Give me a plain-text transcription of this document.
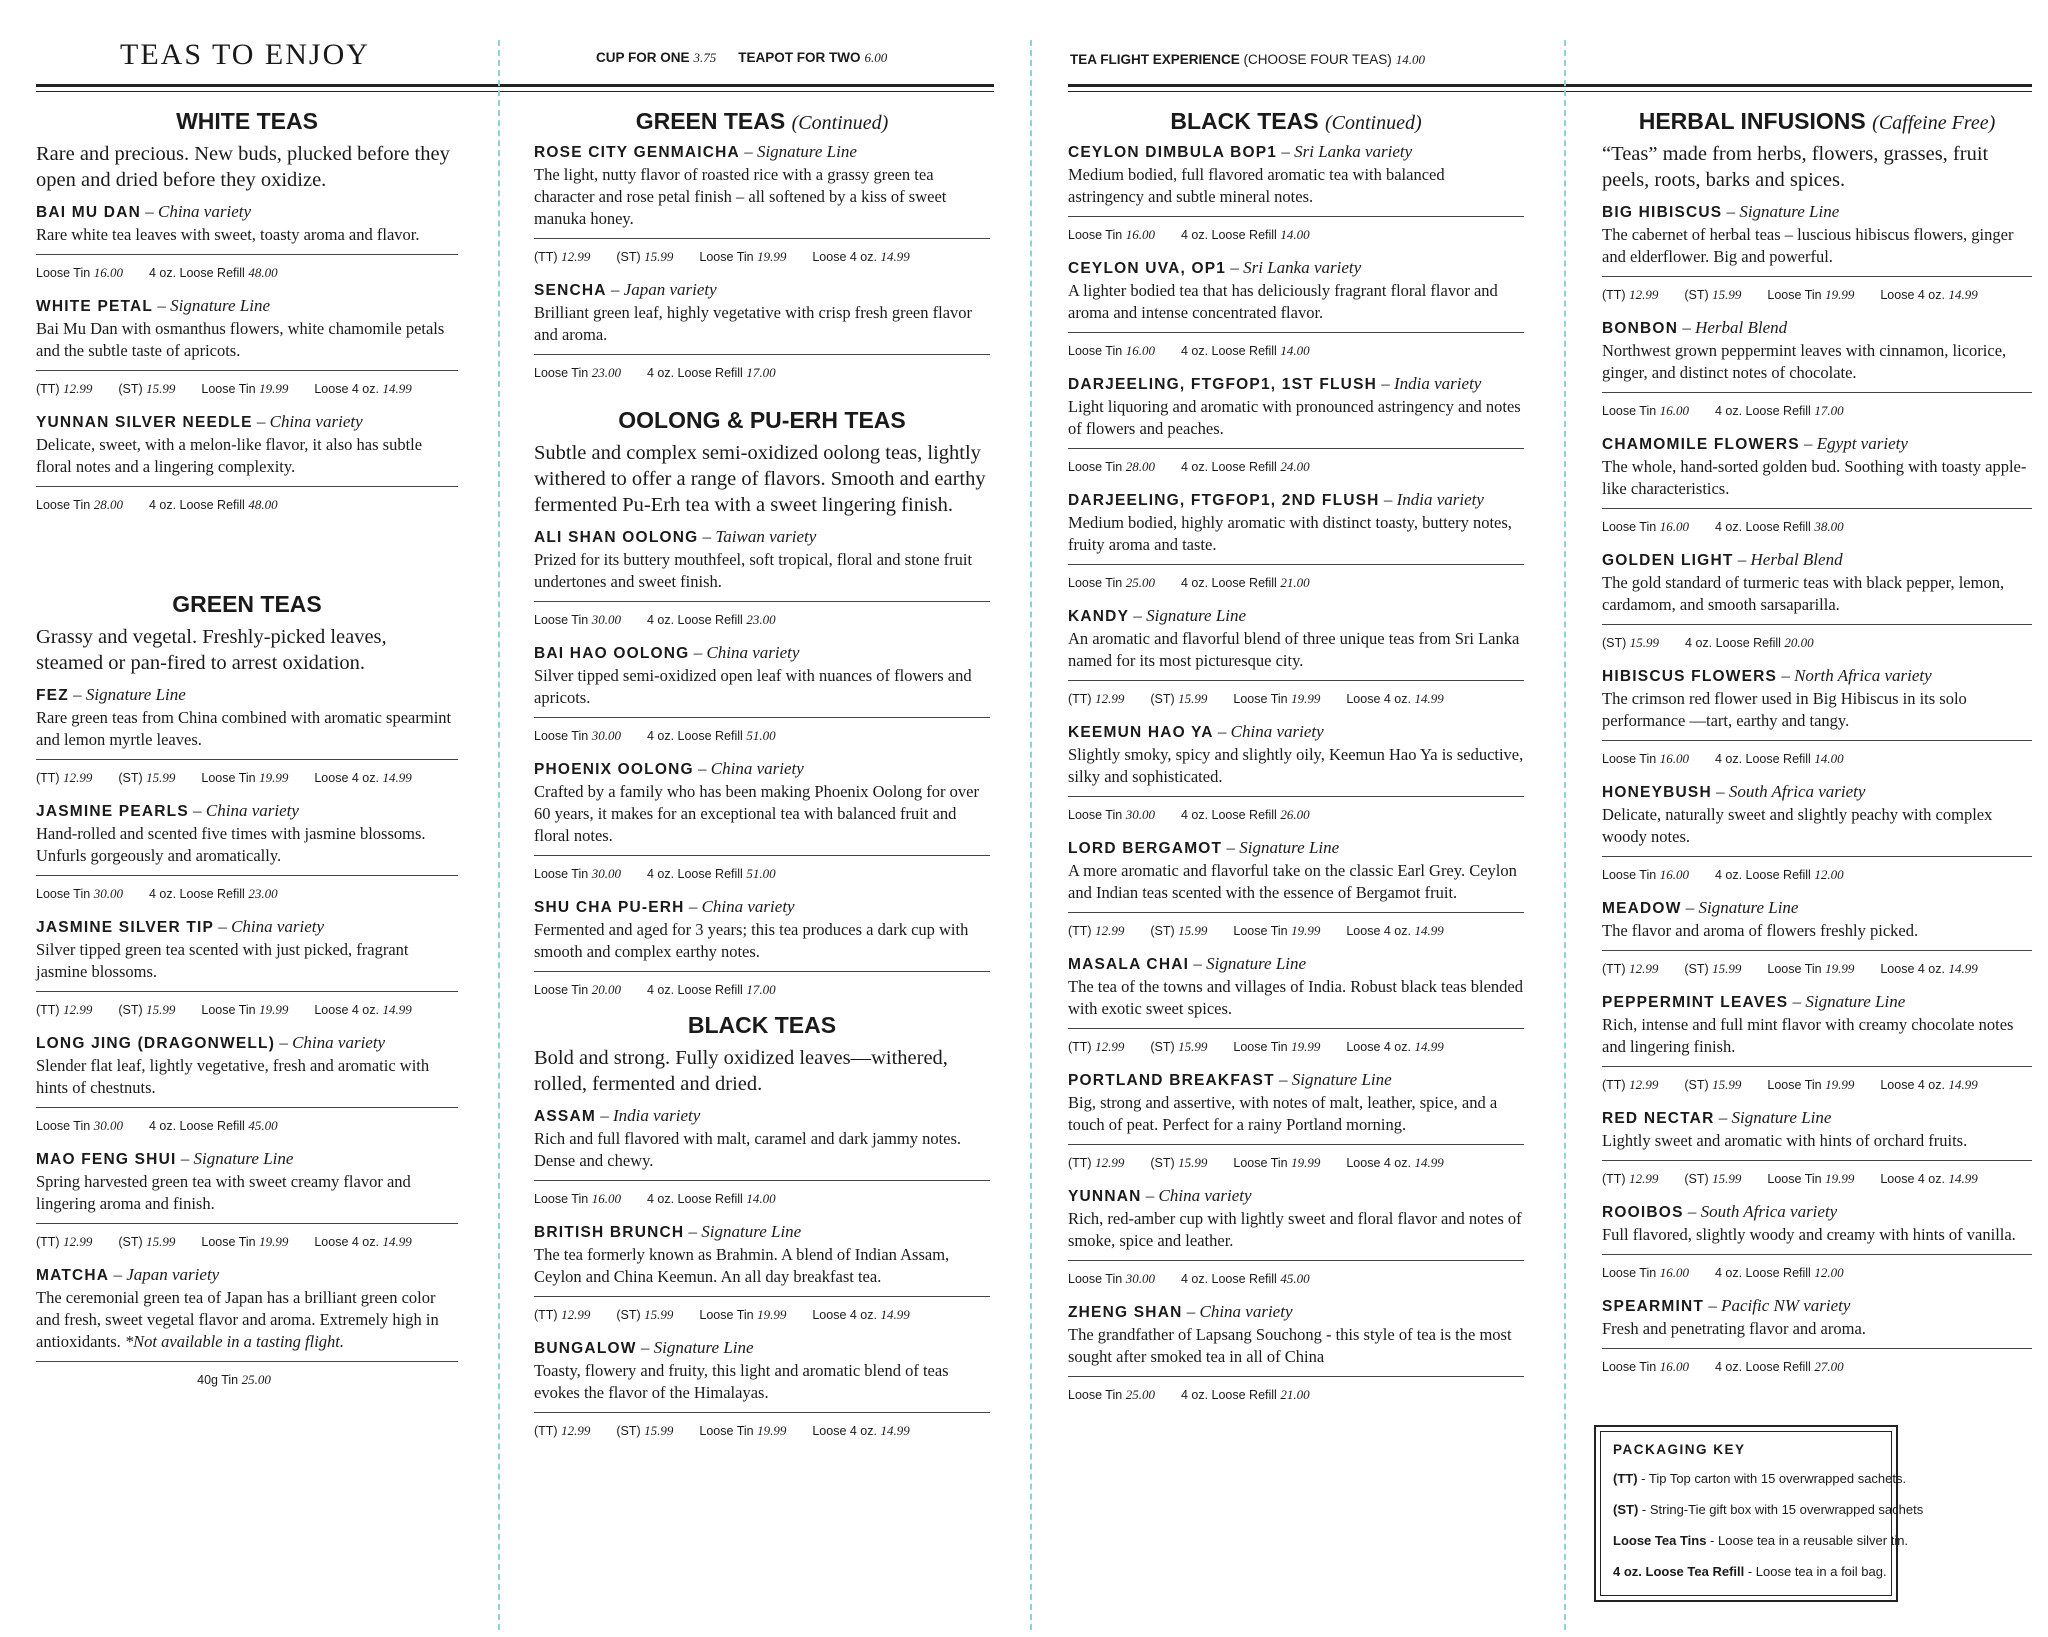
TEAS TO ENJOY	CUP FOR ONE 3.75 TEAPOT FOR TWO 6.00	TEA FLIGHT EXPERIENCE (CHOOSE FOUR TEAS) 14.00
WHITE TEAS
Rare and precious. New buds, plucked before they open and dried before they oxidize.
BAI MU DAN – China variety
Rare white tea leaves with sweet, toasty aroma and flavor.
Loose Tin 16.00 4 oz. Loose Refill 48.00
WHITE PETAL – Signature Line
Bai Mu Dan with osmanthus flowers, white chamomile petals and the subtle taste of apricots.
(TT) 12.99 (ST) 15.99 Loose Tin 19.99 Loose 4 oz. 14.99
YUNNAN SILVER NEEDLE – China variety
Delicate, sweet, with a melon-like flavor, it also has subtle floral notes and a lingering complexity.
Loose Tin 28.00 4 oz. Loose Refill 48.00
GREEN TEAS
Grassy and vegetal. Freshly-picked leaves, steamed or pan-fired to arrest oxidation.
FEZ – Signature Line
Rare green teas from China combined with aromatic spearmint and lemon myrtle leaves.
(TT) 12.99 (ST) 15.99 Loose Tin 19.99 Loose 4 oz. 14.99
JASMINE PEARLS – China variety
Hand-rolled and scented five times with jasmine blossoms. Unfurls gorgeously and aromatically.
Loose Tin 30.00 4 oz. Loose Refill 23.00
JASMINE SILVER TIP – China variety
Silver tipped green tea scented with just picked, fragrant jasmine blossoms.
(TT) 12.99 (ST) 15.99 Loose Tin 19.99 Loose 4 oz. 14.99
LONG JING (DRAGONWELL) – China variety
Slender flat leaf, lightly vegetative, fresh and aromatic with hints of chestnuts.
Loose Tin 30.00 4 oz. Loose Refill 45.00
MAO FENG SHUI – Signature Line
Spring harvested green tea with sweet creamy flavor and lingering aroma and finish.
(TT) 12.99 (ST) 15.99 Loose Tin 19.99 Loose 4 oz. 14.99
MATCHA – Japan variety
The ceremonial green tea of Japan has a brilliant green color and fresh, sweet vegetal flavor and aroma. Extremely high in antioxidants. *Not available in a tasting flight.
40g Tin 25.00
GREEN TEAS (Continued)
ROSE CITY GENMAICHA – Signature Line
The light, nutty flavor of roasted rice with a grassy green tea character and rose petal finish – all softened by a kiss of sweet manuka honey.
(TT) 12.99 (ST) 15.99 Loose Tin 19.99 Loose 4 oz. 14.99
SENCHA – Japan variety
Brilliant green leaf, highly vegetative with crisp fresh green flavor and aroma.
Loose Tin 23.00 4 oz. Loose Refill 17.00
OOLONG & PU-ERH TEAS
Subtle and complex semi-oxidized oolong teas, lightly withered to offer a range of flavors. Smooth and earthy fermented Pu-Erh tea with a sweet lingering finish.
ALI SHAN OOLONG – Taiwan variety
Prized for its buttery mouthfeel, soft tropical, floral and stone fruit undertones and sweet finish.
Loose Tin 30.00 4 oz. Loose Refill 23.00
BAI HAO OOLONG – China variety
Silver tipped semi-oxidized open leaf with nuances of flowers and apricots.
Loose Tin 30.00 4 oz. Loose Refill 51.00
PHOENIX OOLONG – China variety
Crafted by a family who has been making Phoenix Oolong for over 60 years, it makes for an exceptional tea with balanced fruit and floral notes.
Loose Tin 30.00 4 oz. Loose Refill 51.00
SHU CHA PU-ERH – China variety
Fermented and aged for 3 years; this tea produces a dark cup with smooth and complex earthy notes.
Loose Tin 20.00 4 oz. Loose Refill 17.00
BLACK TEAS
Bold and strong. Fully oxidized leaves—withered, rolled, fermented and dried.
ASSAM – India variety
Rich and full flavored with malt, caramel and dark jammy notes. Dense and chewy.
Loose Tin 16.00 4 oz. Loose Refill 14.00
BRITISH BRUNCH – Signature Line
The tea formerly known as Brahmin. A blend of Indian Assam, Ceylon and China Keemun. An all day breakfast tea.
(TT) 12.99 (ST) 15.99 Loose Tin 19.99 Loose 4 oz. 14.99
BUNGALOW – Signature Line
Toasty, flowery and fruity, this light and aromatic blend of teas evokes the flavor of the Himalayas.
(TT) 12.99 (ST) 15.99 Loose Tin 19.99 Loose 4 oz. 14.99
BLACK TEAS (Continued)
CEYLON DIMBULA BOP1 – Sri Lanka variety
Medium bodied, full flavored aromatic tea with balanced astringency and subtle mineral notes.
Loose Tin 16.00 4 oz. Loose Refill 14.00
CEYLON UVA, OP1 – Sri Lanka variety
A lighter bodied tea that has deliciously fragrant floral flavor and aroma and intense concentrated flavor.
Loose Tin 16.00 4 oz. Loose Refill 14.00
DARJEELING, FTGFOP1, 1ST FLUSH – India variety
Light liquoring and aromatic with pronounced astringency and notes of flowers and peaches.
Loose Tin 28.00 4 oz. Loose Refill 24.00
DARJEELING, FTGFOP1, 2ND FLUSH – India variety
Medium bodied, highly aromatic with distinct toasty, buttery notes, fruity aroma and taste.
Loose Tin 25.00 4 oz. Loose Refill 21.00
KANDY – Signature Line
An aromatic and flavorful blend of three unique teas from Sri Lanka named for its most picturesque city.
(TT) 12.99 (ST) 15.99 Loose Tin 19.99 Loose 4 oz. 14.99
KEEMUN HAO YA – China variety
Slightly smoky, spicy and slightly oily, Keemun Hao Ya is seductive, silky and sophisticated.
Loose Tin 30.00 4 oz. Loose Refill 26.00
LORD BERGAMOT – Signature Line
A more aromatic and flavorful take on the classic Earl Grey. Ceylon and Indian teas scented with the essence of Bergamot fruit.
(TT) 12.99 (ST) 15.99 Loose Tin 19.99 Loose 4 oz. 14.99
MASALA CHAI – Signature Line
The tea of the towns and villages of India. Robust black teas blended with exotic sweet spices.
(TT) 12.99 (ST) 15.99 Loose Tin 19.99 Loose 4 oz. 14.99
PORTLAND BREAKFAST – Signature Line
Big, strong and assertive, with notes of malt, leather, spice, and a touch of peat. Perfect for a rainy Portland morning.
(TT) 12.99 (ST) 15.99 Loose Tin 19.99 Loose 4 oz. 14.99
YUNNAN – China variety
Rich, red-amber cup with lightly sweet and floral flavor and notes of smoke, spice and leather.
Loose Tin 30.00 4 oz. Loose Refill 45.00
ZHENG SHAN – China variety
The grandfather of Lapsang Souchong - this style of tea is the most sought after smoked tea in all of China
Loose Tin 25.00 4 oz. Loose Refill 21.00
HERBAL INFUSIONS (Caffeine Free)
“Teas” made from herbs, flowers, grasses, fruit peels, roots, barks and spices.
BIG HIBISCUS – Signature Line
The cabernet of herbal teas – luscious hibiscus flowers, ginger and elderflower. Big and powerful.
(TT) 12.99 (ST) 15.99 Loose Tin 19.99 Loose 4 oz. 14.99
BONBON – Herbal Blend
Northwest grown peppermint leaves with cinnamon, licorice, ginger, and distinct notes of chocolate.
Loose Tin 16.00 4 oz. Loose Refill 17.00
CHAMOMILE FLOWERS – Egypt variety
The whole, hand-sorted golden bud. Soothing with toasty apple-like characteristics.
Loose Tin 16.00 4 oz. Loose Refill 38.00
GOLDEN LIGHT – Herbal Blend
The gold standard of turmeric teas with black pepper, lemon, cardamom, and smooth sarsaparilla.
(ST) 15.99 4 oz. Loose Refill 20.00
HIBISCUS FLOWERS – North Africa variety
The crimson red flower used in Big Hibiscus in its solo performance —tart, earthy and tangy.
Loose Tin 16.00 4 oz. Loose Refill 14.00
HONEYBUSH – South Africa variety
Delicate, naturally sweet and slightly peachy with complex woody notes.
Loose Tin 16.00 4 oz. Loose Refill 12.00
MEADOW – Signature Line
The flavor and aroma of flowers freshly picked.
(TT) 12.99 (ST) 15.99 Loose Tin 19.99 Loose 4 oz. 14.99
PEPPERMINT LEAVES – Signature Line
Rich, intense and full mint flavor with creamy chocolate notes and lingering finish.
(TT) 12.99 (ST) 15.99 Loose Tin 19.99 Loose 4 oz. 14.99
RED NECTAR – Signature Line
Lightly sweet and aromatic with hints of orchard fruits.
(TT) 12.99 (ST) 15.99 Loose Tin 19.99 Loose 4 oz. 14.99
ROOIBOS – South Africa variety
Full flavored, slightly woody and creamy with hints of vanilla.
Loose Tin 16.00 4 oz. Loose Refill 12.00
SPEARMINT – Pacific NW variety
Fresh and penetrating flavor and aroma.
Loose Tin 16.00 4 oz. Loose Refill 27.00
PACKAGING KEY
(TT) - Tip Top carton with 15 overwrapped sachets.
(ST) - String-Tie gift box with 15 overwrapped sachets
Loose Tea Tins - Loose tea in a reusable silver tin.
4 oz. Loose Tea Refill - Loose tea in a foil bag.
